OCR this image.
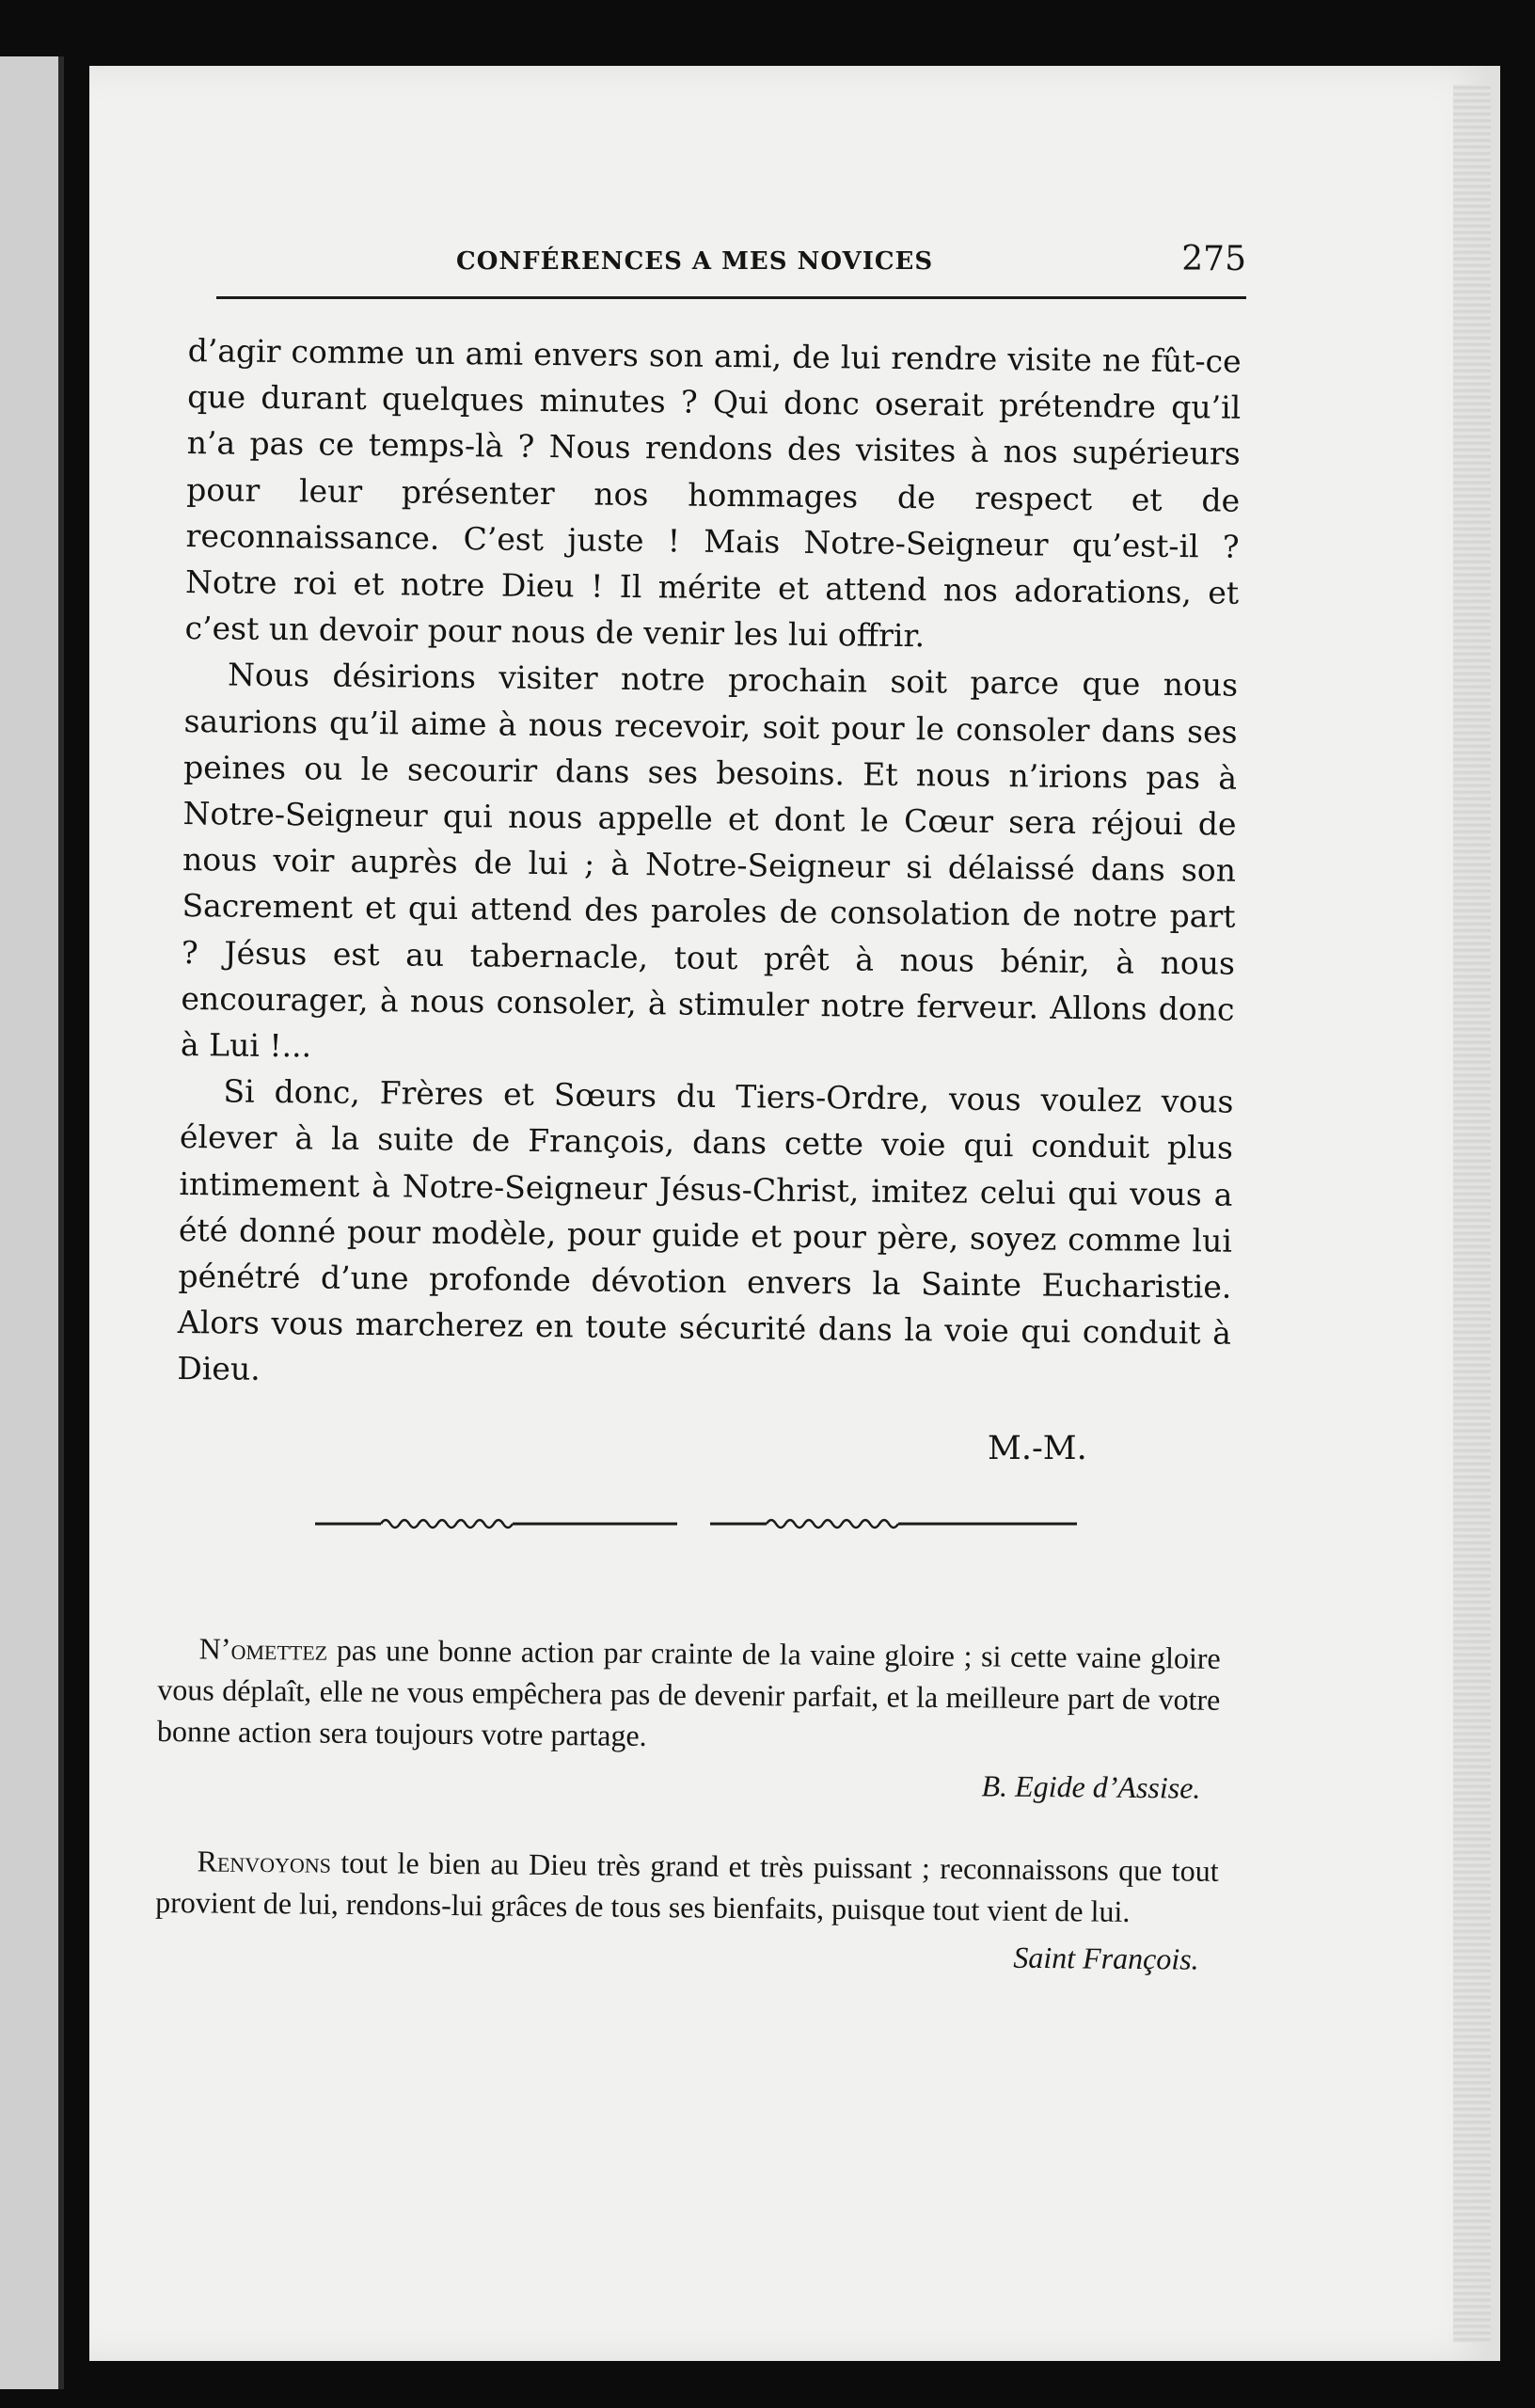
CONFÉRENCES A MES NOVICES	275

d’agir comme un ami envers son ami, de lui rendre visite ne fût-ce que durant quelques minutes ? Qui donc oserait prétendre qu’il n’a pas ce temps-là ? Nous rendons des visites à nos supérieurs pour leur présenter nos hommages de respect et de reconnaissance. C’est juste ! Mais Notre-Seigneur qu’est-il ? Notre roi et notre Dieu ! Il mérite et attend nos adorations, et c’est un devoir pour nous de venir les lui offrir.

Nous désirions visiter notre prochain soit parce que nous saurions qu’il aime à nous recevoir, soit pour le consoler dans ses peines ou le secourir dans ses besoins. Et nous n’irions pas à Notre-Seigneur qui nous appelle et dont le Cœur sera réjoui de nous voir auprès de lui ; à Notre-Seigneur si délaissé dans son Sacrement et qui attend des paroles de consolation de notre part ? Jésus est au tabernacle, tout prêt à nous bénir, à nous encourager, à nous consoler, à stimuler notre ferveur. Allons donc à Lui !...

Si donc, Frères et Sœurs du Tiers-Ordre, vous voulez vous élever à la suite de François, dans cette voie qui conduit plus intimement à Notre-Seigneur Jésus-Christ, imitez celui qui vous a été donné pour modèle, pour guide et pour père, soyez comme lui pénétré d’une profonde dévotion envers la Sainte Eucharistie. Alors vous marcherez en toute sécurité dans la voie qui conduit à Dieu.

M.-M.

N’omettez pas une bonne action par crainte de la vaine gloire ; si cette vaine gloire vous déplaît, elle ne vous empêchera pas de devenir parfait, et la meilleure part de votre bonne action sera toujours votre partage.

B. Egide d’Assise.

Renvoyons tout le bien au Dieu très grand et très puissant ; reconnaissons que tout provient de lui, rendons-lui grâces de tous ses bienfaits, puisque tout vient de lui.

Saint François.
